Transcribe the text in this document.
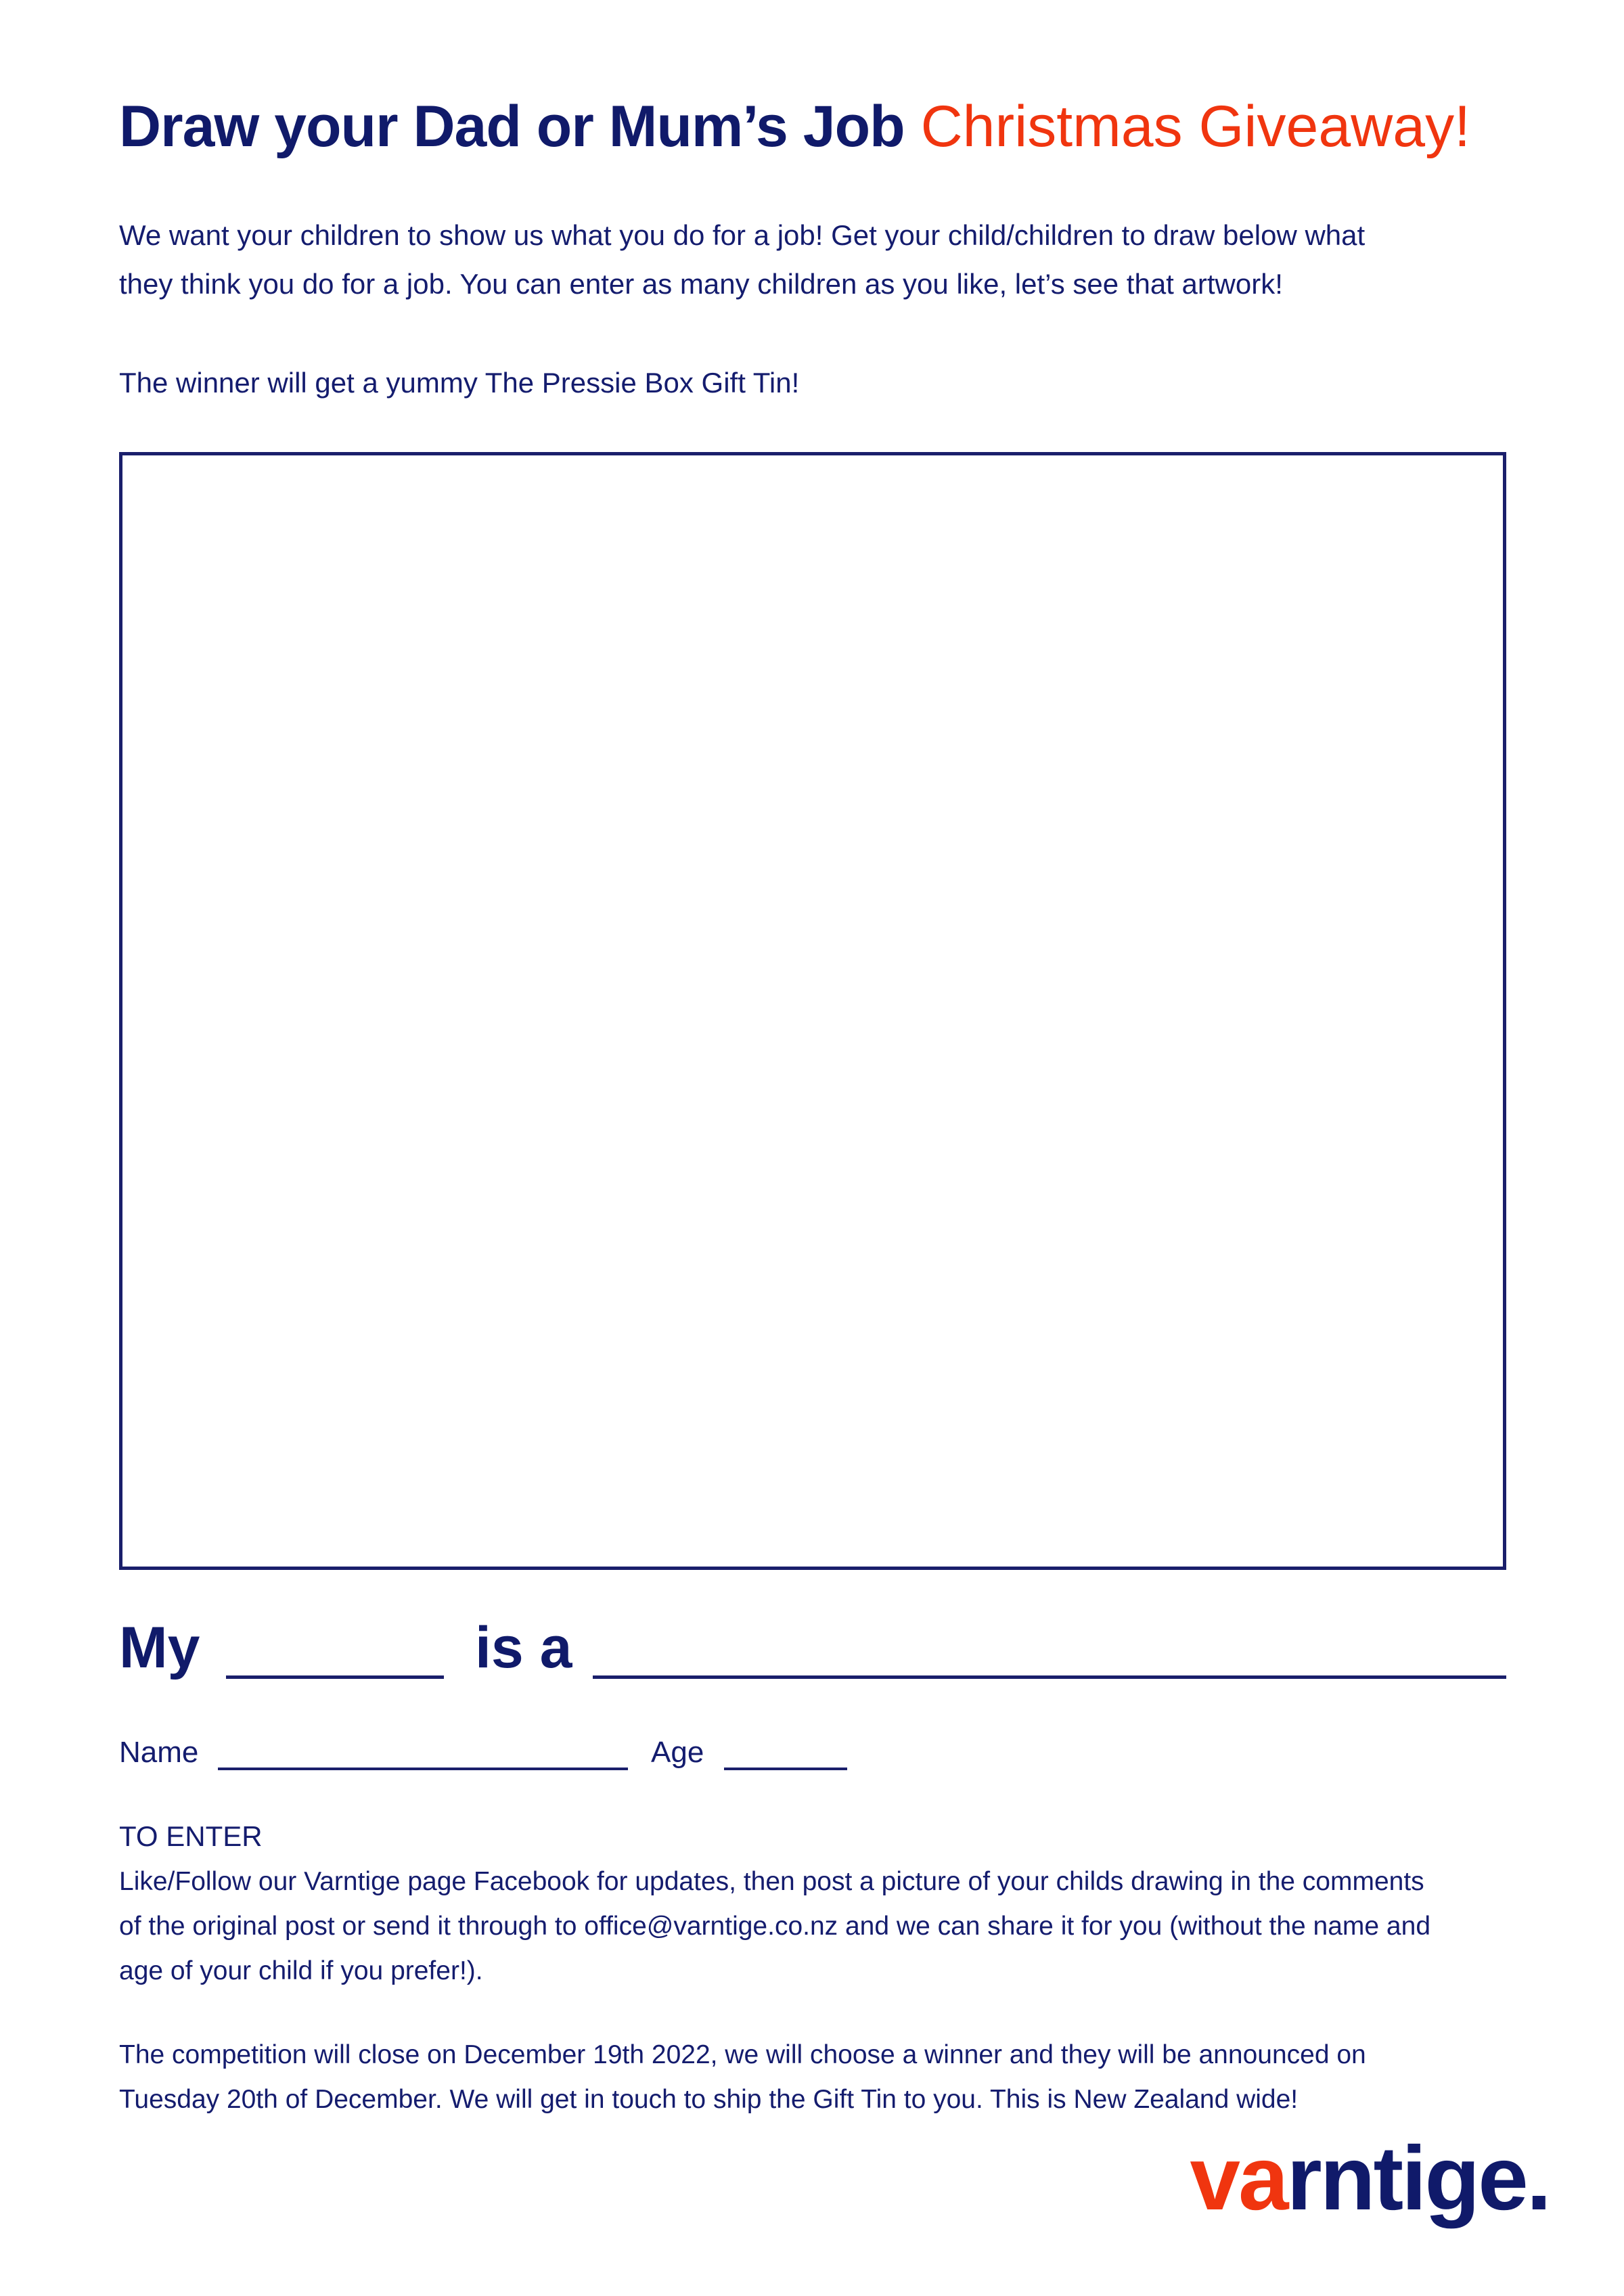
Draw your Dad or Mum’s Job Christmas Giveaway!

We want your children to show us what you do for a job! Get your child/children to draw below what
they think you do for a job. You can enter as many children as you like, let’s see that artwork!

The winner will get a yummy The Pressie Box Gift Tin!

My	is a
Name	Age

TO ENTER

Like/Follow our Varntige page Facebook for updates, then post a picture of your childs drawing in the comments
of the original post or send it through to office@varntige.co.nz and we can share it for you (without the name and
age of your child if you prefer!).

The competition will close on December 19th 2022, we will choose a winner and they will be announced on
Tuesday 20th of December. We will get in touch to ship the Gift Tin to you. This is New Zealand wide!

varntige.
